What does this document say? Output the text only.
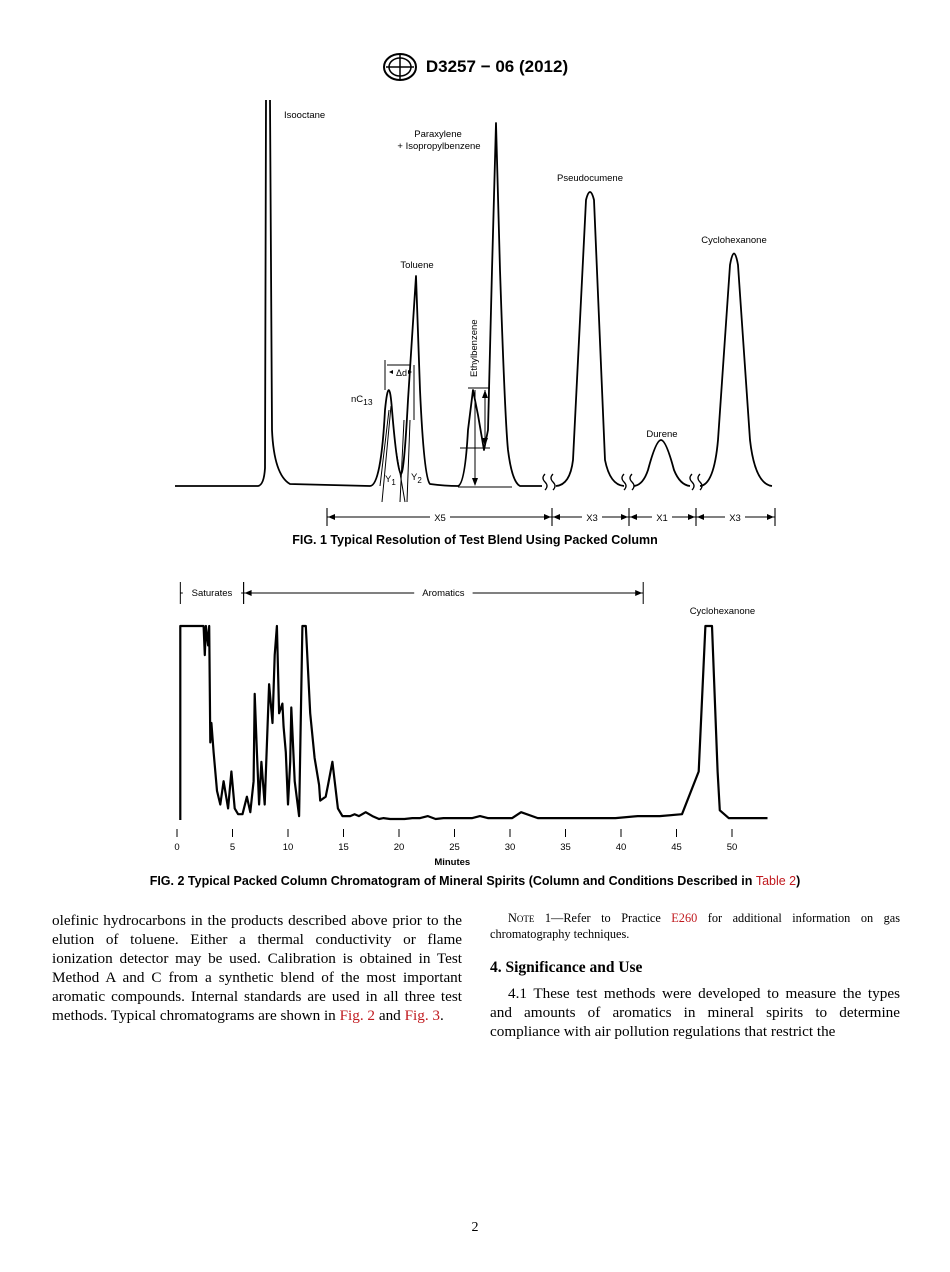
D3257 − 06 (2012)
Isooctane
Paraxylene
+ Isopropylbenzene
Pseudocumene
Toluene
Cyclohexanone
Ethylbenzene
nC13
Δd
Durene
$Y_1$ $Y_2$
X5	X3	X1	X3
FIG. 1 Typical Resolution of Test Blend Using Packed Column
Saturates	Aromatics
Cyclohexanone
0	5	10	15	20	25	30	35	40	45	50
Minutes
FIG. 2 Typical Packed Column Chromatogram of Mineral Spirits (Column and Conditions Described in Table 2)
olefinic hydrocarbons in the products described above prior to the elution of toluene. Either a thermal conductivity or flame ionization detector may be used. Calibration is obtained in Test Method A and C from a synthetic blend of the most important aromatic compounds. Internal standards are used in all three test methods. Typical chromatograms are shown in Fig. 2 and Fig. 3.
Note 1—Refer to Practice E260 for additional information on gas chromatography techniques.
4. Significance and Use
4.1 These test methods were developed to measure the types and amounts of aromatics in mineral spirits to determine compliance with air pollution regulations that restrict the
2
